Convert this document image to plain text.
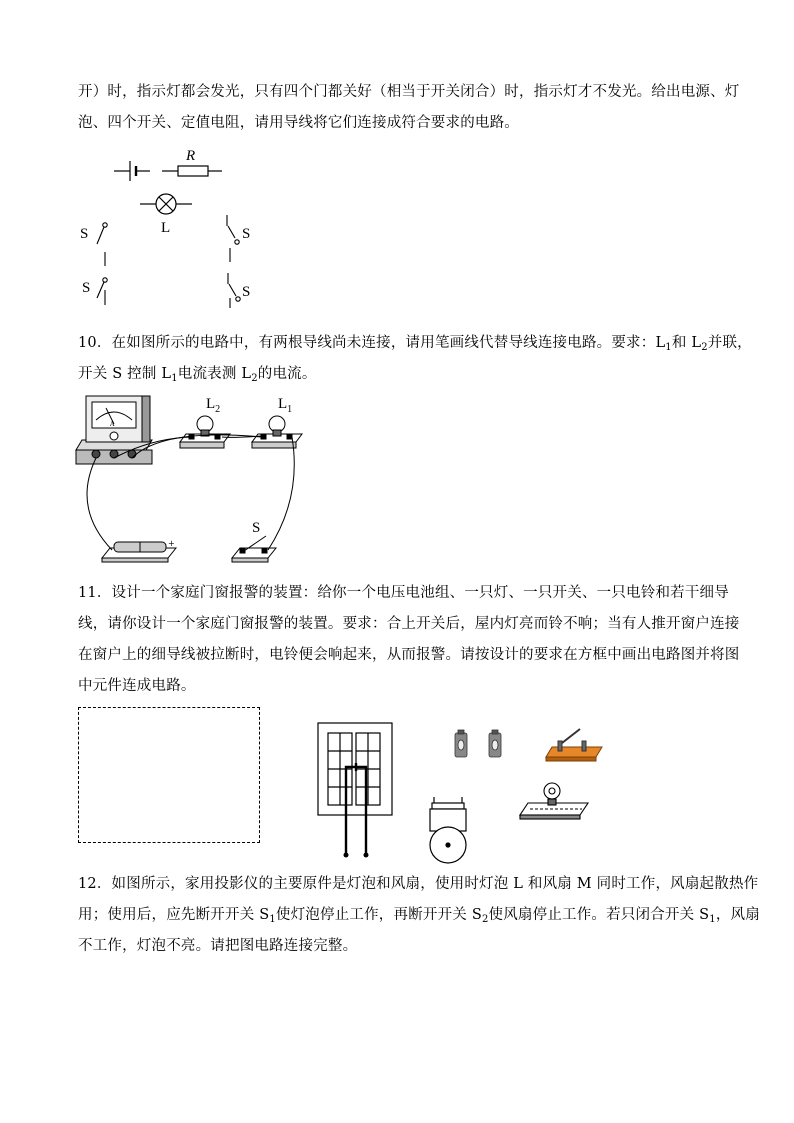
开）时，指示灯都会发光，只有四个门都关好（相当于开关闭合）时，指示灯才不发光。给出电源、灯
泡、四个开关、定值电阻，请用导线将它们连接成符合要求的电路。
R
L
S	S
S	S
10．在如图所示的电路中，有两根导线尚未连接，请用笔画线代替导线连接电路。要求：$L_1$和 $L_2$并联，
开关 S 控制 $L_1$电流表测 $L_2$的电流。
A
$L_2$	$L_1$
+
S
11．设计一个家庭门窗报警的装置：给你一个电压电池组、一只灯、一只开关、一只电铃和若干细导
线，请你设计一个家庭门窗报警的装置。要求：合上开关后，屋内灯亮而铃不响；当有人推开窗户连接
在窗户上的细导线被拉断时，电铃便会响起来，从而报警。请按设计的要求在方框中画出电路图并将图
中元件连成电路。
12．如图所示，家用投影仪的主要原件是灯泡和风扇，使用时灯泡 L 和风扇 M 同时工作，风扇起散热作
用；使用后，应先断开开关 $S_1$使灯泡停止工作，再断开开关 $S_2$使风扇停止工作。若只闭合开关 $S_1$，风扇
不工作，灯泡不亮。请把图电路连接完整。
